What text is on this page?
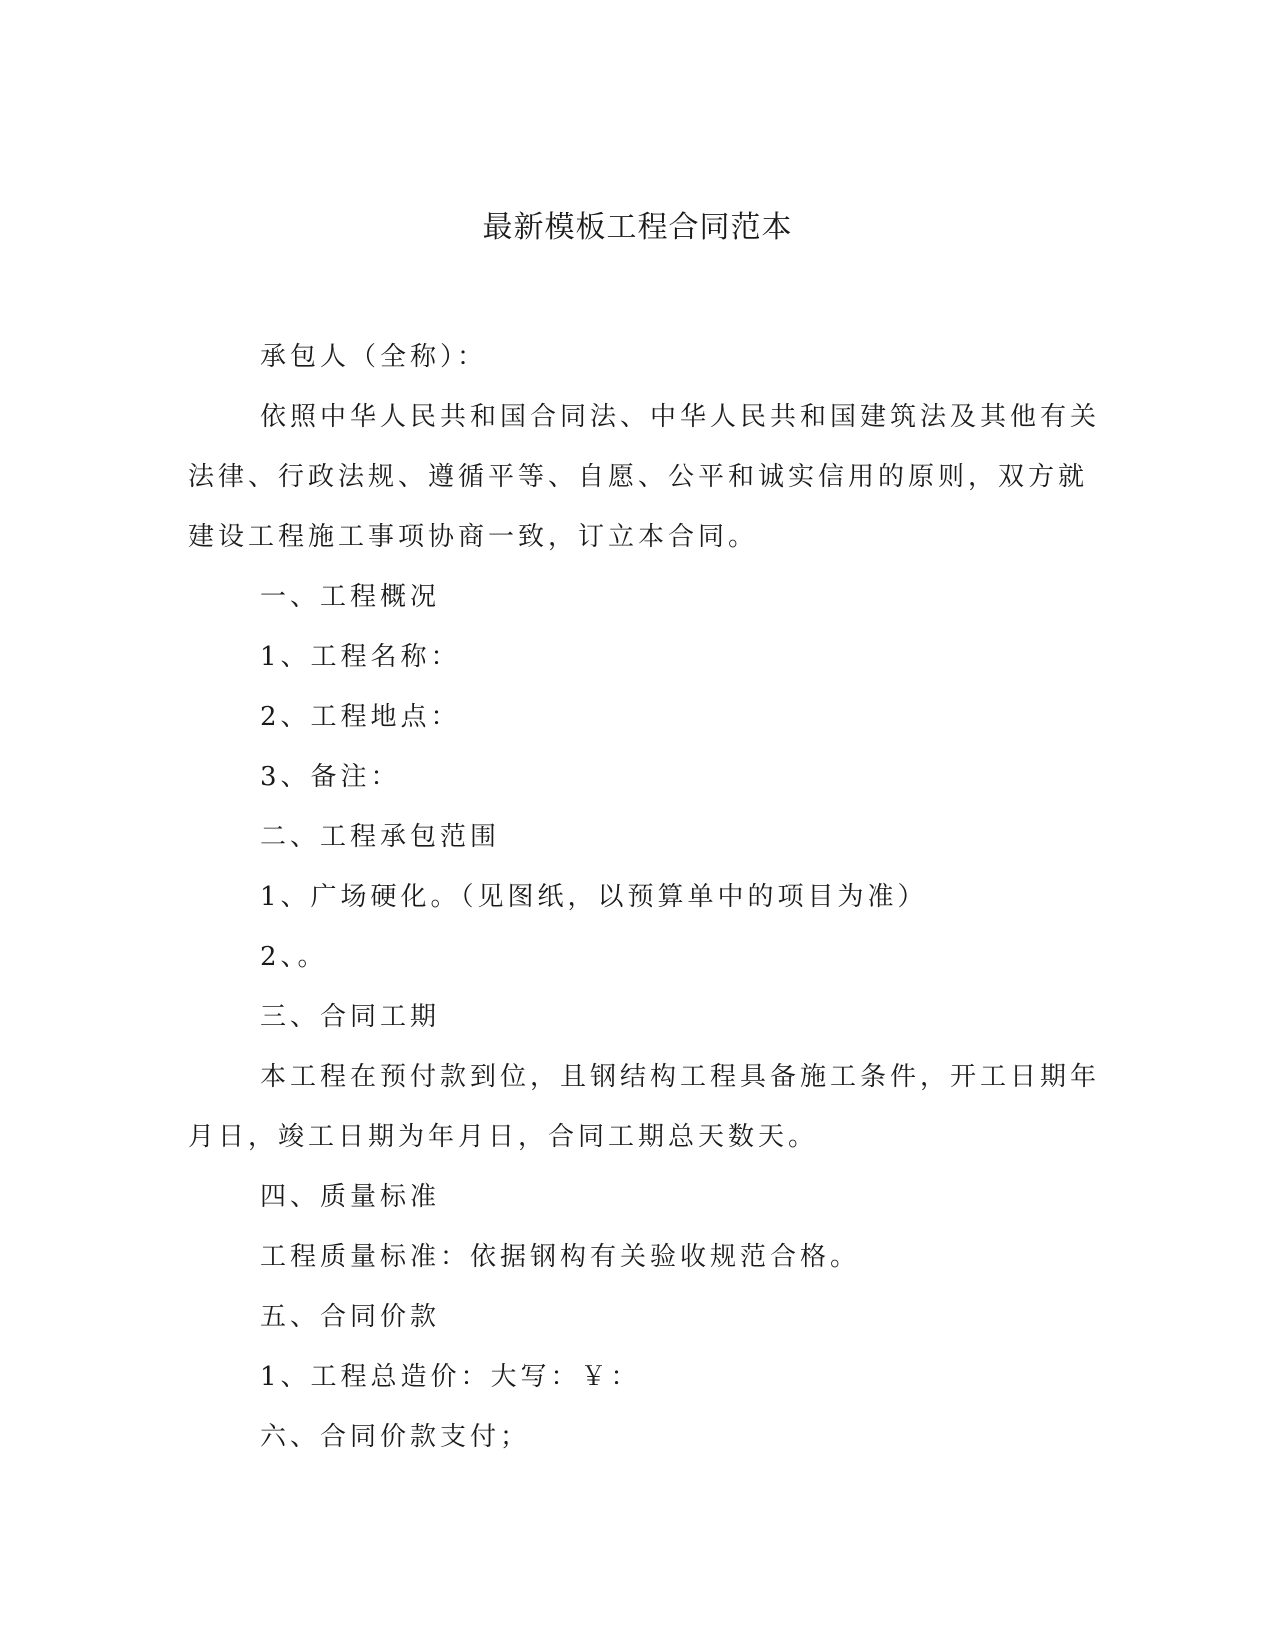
最新模板工程合同范本

承包人（全称）：

依照中华人民共和国合同法、中华人民共和国建筑法及其他有关
法律、行政法规、遵循平等、自愿、公平和诚实信用的原则，双方就
建设工程施工事项协商一致，订立本合同。

一、工程概况

1、工程名称：

2、工程地点：

3、备注：

二、工程承包范围

1、广场硬化。（见图纸，以预算单中的项目为准）

2、。

三、合同工期

本工程在预付款到位，且钢结构工程具备施工条件，开工日期年
月日，竣工日期为年月日，合同工期总天数天。

四、质量标准

工程质量标准：依据钢构有关验收规范合格。

五、合同价款

1、工程总造价：大写：￥：

六、合同价款支付；
